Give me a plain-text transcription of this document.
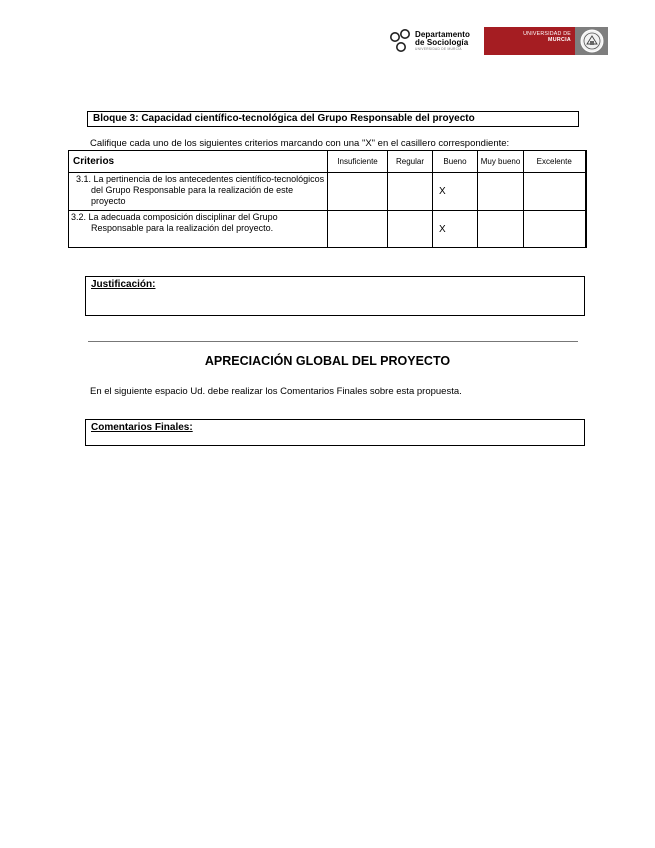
Departamento
de Sociología
UNIVERSIDAD DE MURCIA
UNIVERSIDAD DE
MURCIA
Bloque 3: Capacidad científico-tecnológica del Grupo Responsable del proyecto
Califique cada uno de los siguientes criterios marcando con una "X" en el casillero correspondiente:
Criterios	Insuficiente	Regular	Bueno	Muy bueno	Excelente

3.1. La pertinencia de los antecedentes científico-tecnológicos del Grupo Responsable para la realización de este proyecto			X		

3.2. La adecuada composición disciplinar del Grupo Responsable para la realización del proyecto.			X		
Justificación:
APRECIACIÓN GLOBAL DEL PROYECTO
En el siguiente espacio Ud. debe realizar los Comentarios Finales sobre esta propuesta.
Comentarios Finales:
